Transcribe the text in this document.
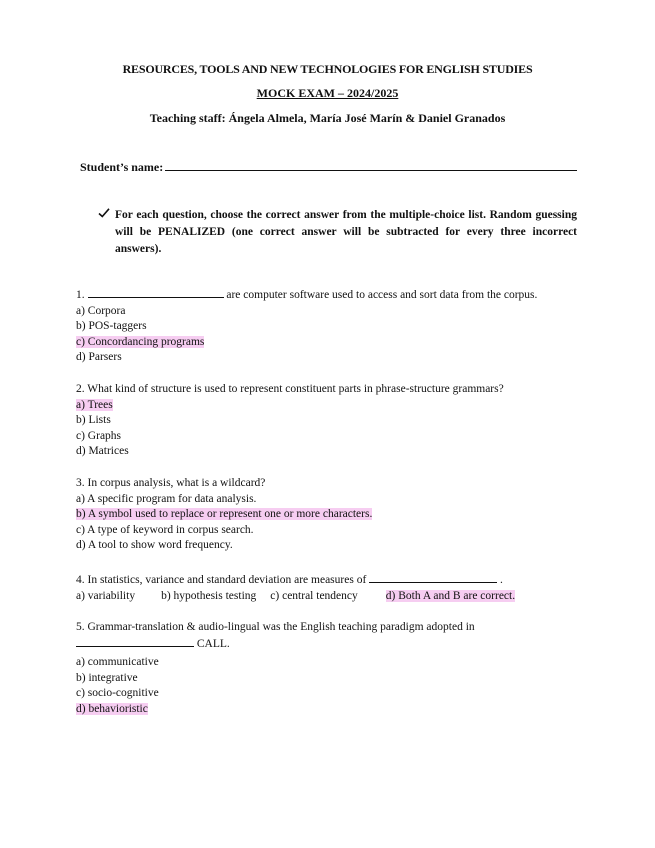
RESOURCES, TOOLS AND NEW TECHNOLOGIES FOR ENGLISH STUDIES
MOCK EXAM – 2024/2025
Teaching staff: Ángela Almela, María José Marín & Daniel Granados
Student’s name:
For each question, choose the correct answer from the multiple-choice list. Random guessing will be PENALIZED (one correct answer will be subtracted for every three incorrect answers).
1.	are computer software used to access and sort data from the corpus.
a) Corpora
b) POS-taggers
c) Concordancing programs
d) Parsers
2. What kind of structure is used to represent constituent parts in phrase-structure grammars?
a) Trees
b) Lists
c) Graphs
d) Matrices
3. In corpus analysis, what is a wildcard?
a) A specific program for data analysis.
b) A symbol used to replace or represent one or more characters.
c) A type of keyword in corpus search.
d) A tool to show word frequency.
4. In statistics, variance and standard deviation are measures of	.
a) variability b) hypothesis testing c) central tendency d) Both A and B are correct.
5. Grammar-translation & audio-lingual was the English teaching paradigm adopted in
CALL.
a) communicative
b) integrative
c) socio-cognitive
d) behavioristic
